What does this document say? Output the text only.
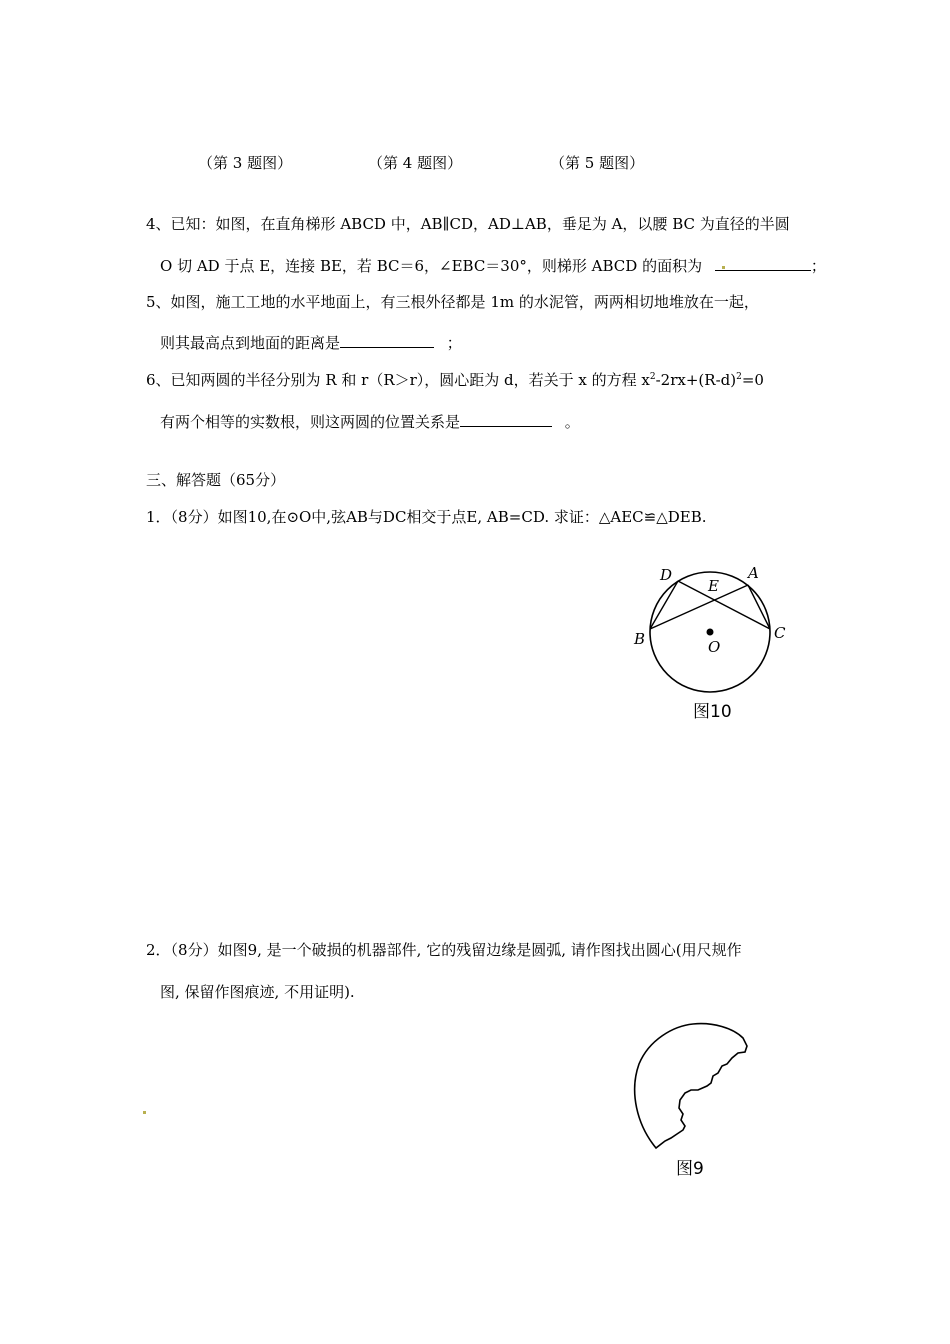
（第 3 题图）	（第 4 题图）	（第 5 题图）
4、已知：如图，在直角梯形 ABCD 中，AB∥CD，AD⊥AB，垂足为 A，以腰 BC 为直径的半圆
O 切 AD 于点 E，连接 BE，若 BC＝6，∠EBC＝30°，则梯形 ABCD 的面积为	；
5、如图，施工工地的水平地面上，有三根外径都是 1m 的水泥管，两两相切地堆放在一起，
则其最高点到地面的距离是	；
6、已知两圆的半径分别为 R 和 r（R＞r），圆心距为 d，若关于 x 的方程 $x^2-2rx+(R-d)^2=0$
有两个相等的实数根，则这两圆的位置关系是	。
三、解答题（65分）
1．（8分）如图10,在⊙O中,弦AB与DC相交于点E, AB=CD. 求证：△AEC≌△DEB.
D
E
A
B	C
O
图10
2．（8分）如图9, 是一个破损的机器部件, 它的残留边缘是圆弧, 请作图找出圆心(用尺规作
图, 保留作图痕迹, 不用证明).
图9
